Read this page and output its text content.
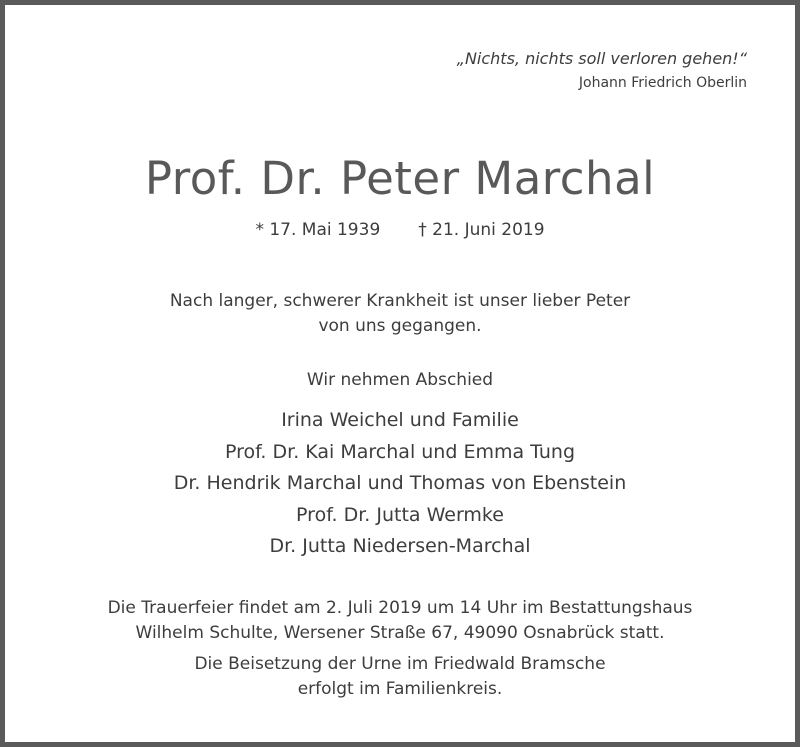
„Nichts, nichts soll verloren gehen!“
Johann Friedrich Oberlin
Prof. Dr. Peter Marchal
* 17. Mai 1939 † 21. Juni 2019
Nach langer, schwerer Krankheit ist unser lieber Peter
von uns gegangen.
Wir nehmen Abschied
Irina Weichel und Familie
Prof. Dr. Kai Marchal und Emma Tung
Dr. Hendrik Marchal und Thomas von Ebenstein
Prof. Dr. Jutta Wermke
Dr. Jutta Niedersen-Marchal
Die Trauerfeier findet am 2. Juli 2019 um 14 Uhr im Bestattungshaus
Wilhelm Schulte, Wersener Straße 67, 49090 Osnabrück statt.
Die Beisetzung der Urne im Friedwald Bramsche
erfolgt im Familienkreis.
